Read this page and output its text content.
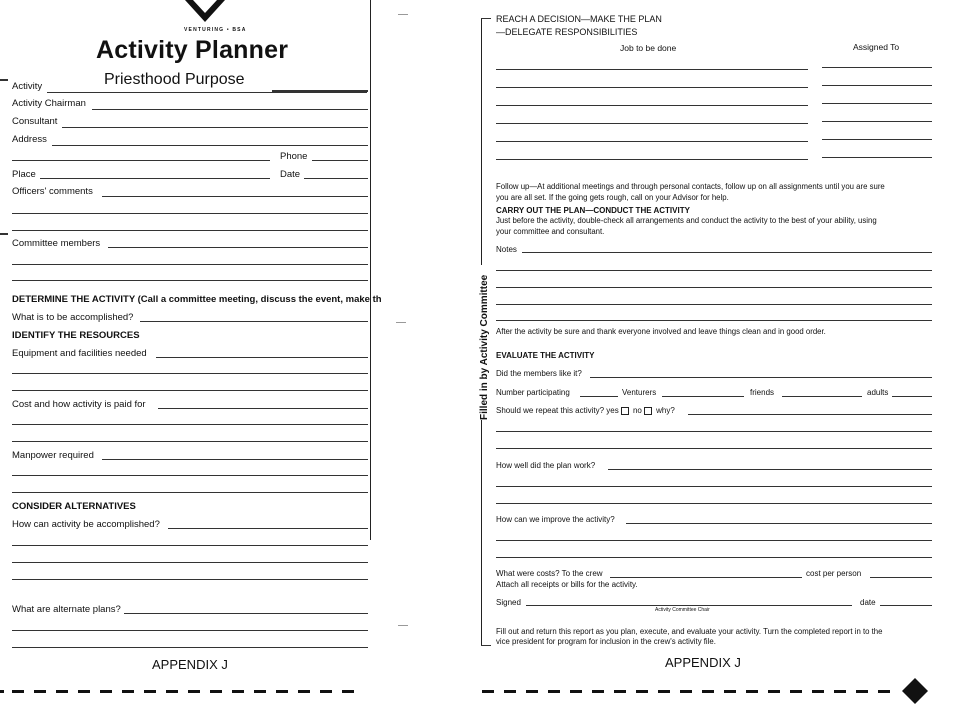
VENTURING • BSA
Activity Planner
Activity	Priesthood Purpose
Activity Chairman
Consultant
Address
Phone
Place	Date
Officers' comments
Committee members
DETERMINE THE ACTIVITY (Call a committee meeting, discuss the event, make th
What is to be accomplished?
IDENTIFY THE RESOURCES
Equipment and facilities needed
Cost and how activity is paid for
Manpower required
CONSIDER ALTERNATIVES
How can activity be accomplished?
What are alternate plans?
APPENDIX J
Filled in by Activity Committee
REACH A DECISION—MAKE THE PLAN
—DELEGATE RESPONSIBILITIES
Job to be done	Assigned To
Follow up—At additional meetings and through personal contacts, follow up on all assignments until you are sure
you are all set. If the going gets rough, call on your Advisor for help.
CARRY OUT THE PLAN—CONDUCT THE ACTIVITY
Just before the activity, double-check all arrangements and conduct the activity to the best of your ability, using
your committee and consultant.
Notes
After the activity be sure and thank everyone involved and leave things clean and in good order.
EVALUATE THE ACTIVITY
Did the members like it?
Number participating	Venturers	friends	adults
Should we repeat this activity? yes no why?
How well did the plan work?
How can we improve the activity?
What were costs? To the crew	cost per person
Attach all receipts or bills for the activity.
Signed
Activity Committee Chair
date
Fill out and return this report as you plan, execute, and evaluate your activity. Turn the completed report in to the
vice president for program for inclusion in the crew's activity file.
APPENDIX J
